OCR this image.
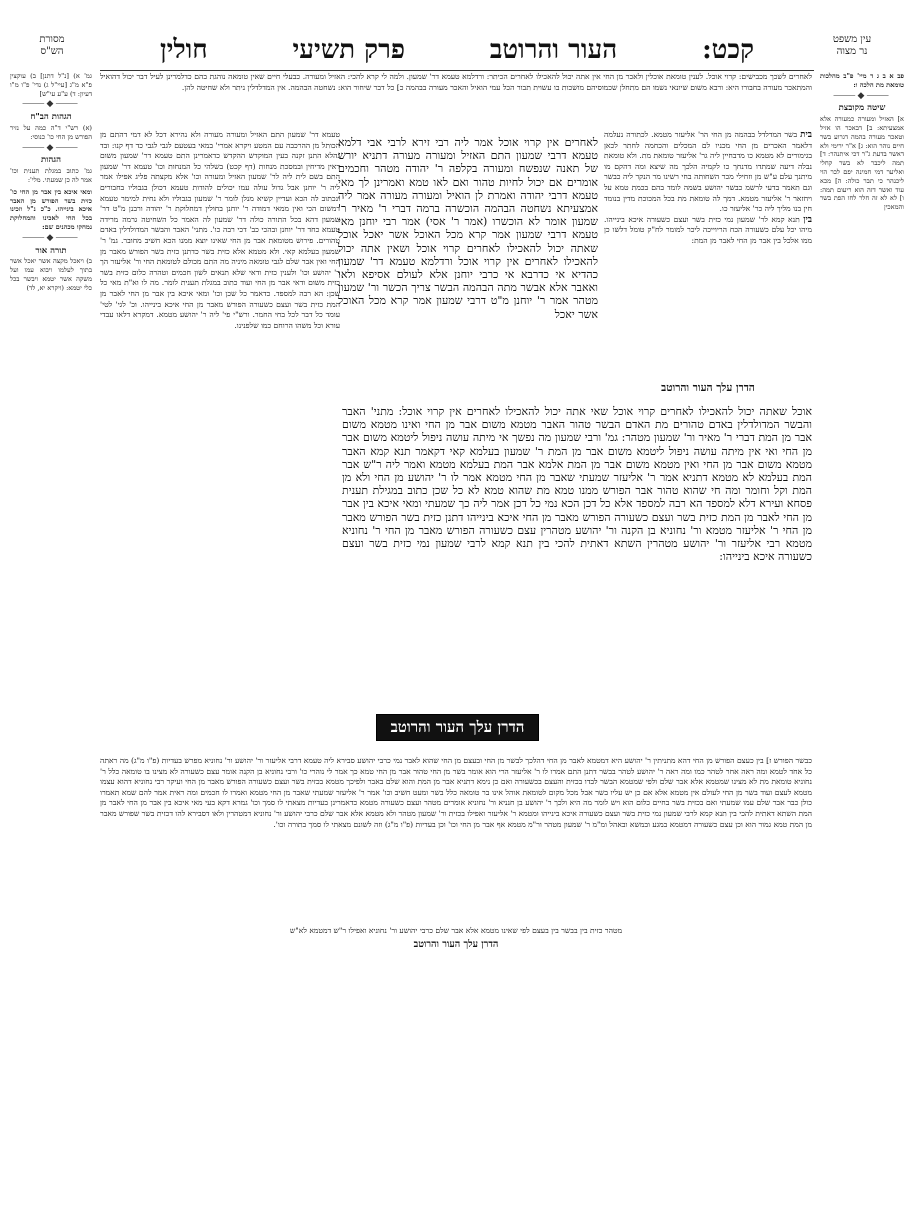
עין משפט
נר מצוה
מסורת
הש"ס	קכט:
העור והרוטב
פרק תשיעי
חולין
פב א ב ג ד מיי' פ"ב מהלכות טומאת מת הלכה ו:
⸻◆⸻
שיטה מקובצת
א] האזיל ומעורה כמעורה אלא אמצעיתא: ב] דבאכר הו אזיל וטאכר מעורה בהמה דגרוע בשר חיים נוהר הוא: ג] א"ר ירימי ולא דאשר בדעת ג"ר דכי איתנהר: ד] תמה ליכבר לא בשר קחלי ואליער דמי חמינה יפם לכר הוי ליכנהר כי תבר כולה: ה] מכא עוד ואשר דזה הוא ריעום תמה: ו] לא לא זה חלר לחו הפת בשר והמאכין
גמ' א) [נ"ל דתנן] ב) עוקצין פ"א מ"ג [עיי"ל ג) נדי' פ"ו מ"ו דעיון: ד) ע"ע עי"ש]
⸻◆⸻
הגהות הב"ח
(א) רש"י ד"ה כמה על נזיר הפורש מן החי כו' כנוסי:
⸻◆⸻
הגהות
גמ' כתוב במגלת תענית וכו' אמר לה כן שמעתי. מלי':
ומאי איכא בין אבר מן החי כו' כזית בשר הפורש מן האבר איכא בינייהו. כ"כ נ"ל וזכינו בכל החי לאכינו והמחלוקת נמחקו מכהנים שם:
⸻◆⸻
תורה אור
ב) ויאכל מקצה אשר יאכל אשר בתוך לעלמו ויבוא עמו ועל משקה אשר יטמא ויבשר בכל כלי יטמא: (ויקרא יא, לד)
לאחרים לשכך מכבישים: קרוי אוכל. לענין טומאת אוכלין ולאכר מן החי אין אתה יכול להאכילו לאחרים הכיתר: ורדלמא טעמא דר' שמעון. ולמה לי קרא להכי: האזיל ומעורה. כבעלי חיים שאין טומאה נוהגת בהם כדלמרינן לעיל דבר יכול דהואיל והמתאכר מעורה בחבורו היא: ורבא משום שיונאי נשמו הם מתחלן שכמוסיהם מושכות בו עשוית תבור הכל עמי הואיל והאכר מעורה בבהמה כ] כל דבר שיחור הוא: נשחטה הבהמה. אין המדלדלין ניתר ולא שחיטה להן.
בית בשר המדלדל בבהמה מן החי הר' אליעזר מטמא. לכתורה נעלמה דלאמר האכרים מן החי מכניו לם המכלים והכחמה לחתר לכאן בגימורים לא מטמא כו מדבחיין ליה גר' אליעזר טומאת מת. ולא טומאת נבלה דיעה שמתדו מדנחך כו לקמיה הלכך מה שיצא ומה דהקם מו מיתנך עלם ע"ש מן וזחילי מכר השחותה בחי רשינו מר הנקר ליה כבשר וגם תאמר בדעי לרשמ כבשר יהושע בשמה לומד בהם בכמת טמא על ויחזאר ר' אליעזר מטמא. דמך לה טומאת מת בכל המכוכת מדין בנומד חין בנו מליך ליה כר' אליעזר כו.
בין תנא קמא לר' שמעון נמי כזית בשר ועצם כשעורה איכא בינייהו. מיהו יכל עלם כשעורה הכח הריוייכה ליכר למומר לח"ק טומל דלשו כן ממו אלכל בין אבר מן החי לאבר מן המת:
הדרן עלך העור והרוטב
לאחרים אין קרוי אוכל אמר ליה רבי זירא לרבי אבי דלמא טעמא דרבי שמעון התם האזיל ומעורה מעורה דתניא יורש של תאנה שנפשח ומעורה בקלפה ר' יהודה מטהר וחכמים אומרים אם יכול לחיות טהור ואם לאו טמא ואמרינן לך מאי טעמא דרבי יהודה ואמרת לן הואיל ומעורה מעורה אמר ליה אמצעיתא נשחטה הבהמה הוכשרה ברמה דברי ר' מאיר ר' שמעון אומר לא הוכשרו (אמר ר' אסי) אמר רבי יוחנן מאי טעמא דרבי שמעון אמר קרא מכל האוכל אשר יאכל אוכל שאתה יכול להאכילו לאחרים קרוי אוכל ושאין אתה יכול להאכילו לאחרים אין קרוי אוכל ורדלמא טעמא דר' שמעון כהדיא אי כדרבא אי כרבי יוחנן אלא לעולם אסיפא ולאו ואאבר אלא אבשר מתה הבהמה הבשר צריך הכשר ור' שמעון מטהר אמר ר' יוחנן מ"ט דרבי שמעון אמר קרא מכל האוכל אשר יאכל
טעמא דר' שמעון התם האזיל ומעורה מעורה ולא נהירא דכל לא דמי דהתם מן הכותל מן ההרכבה עם המטע ויקרא אמרי' במאי בעטעם לגבי לגבי כד דף קנו: ובד נהלא התנן זקנה בעין המוקדש ההקדש כדאמרינן התם טעמא דר' שמעון משום דאין מדיחין ובמסכת מנחות (דף קכט) בשלהי כל המנחות וכו' טעמא דר' שמעון התם בשם לית ליה לר' שמעון האזיל ומעורה וכו' אלא מקצתה פליג אפילו אמר ליה ר' יוחנן אבל גדול עולה עמו יכולים להודות טעמא דכולן בגבוליו בחבורים ונכתוב לה הכא ועדיין קשיא מנלן לומר ר' שמעון בגבוליו ולא נחית למימר טעמא דמשום הכי ואין ממאי דמודה ר' יוחנן בחולין דמחלוקת ר' יהודה ורבנן מ"ט דר' שמעון דהא בכל התורה כולה דר' שמעון לה האמר כל השחיטה גרמה מרידה טעמא כחד דר' יוחנן ובהכי כב' דכי רבה כו'. מתני' האבר והבשר המדולדלין באדם טהורים. פירוש מטומאת אבר מן החי שאינו יוצא ממנו הכא חשיב מחובר. גמ' ר' שמעון בעלמא קאי. ולא מטמא אלא כזית בשר כדתנן כזית בשר הפורש מאבר מן החי ואין אבר שלם לגבי טומאה מיניה מה התם מכולם לטומאת החי ור' אליעזר הך ר' יהושע וכו' ולענין כזית ודאי שלא תנאים לשון חכמים וטהרה כלום כזית בשר כזית משום ודאי אבר מן החי ועוד כתוב במגלת תענית לומר. מה לו וא"ת מאי כל שכן: הא רבה למספד. כדאמר כל שכן וכו' ומאי איכא בין אבר מן החי לאבר מן המת כזית בשר ועצם כשעורה הפורש מאבר מן החי איכא בינייהו. וכ' לגי' לטי' עומד כל דבר לכל בחי החמר. ורש"י פי' ליה ר' יהושע מטמא. דמקרא דלאו עבדי עורא וכל משהו הרוחם כמו שלפנינו.
אוכל שאתה יכול להאכילו לאחרים קרוי אוכל שאי אתה יכול להאכילו לאחרים אין קרוי אוכל: מתני' האבר והבשר המדולדלין באדם טהורים מת האדם הבשר טהור האבר מטמא משום אבר מן החי ואינו מטמא משום אבר מן המת דברי ר' מאיר ור' שמעון מטהר: גמ' ורבי שמעון מה נפשך אי מיתה עושה ניפול ליטמא משום אבר מן החי ואי אין מיתה עושה ניפול ליטמא משום אבר מן המת ר' שמעון בעלמא קאי דקאמר תנא קמא האבר מטמא משום אבר מן החי ואין מטמא משום אבר מן המת אלמא אבר המת בעלמא מטמא ואמר ליה ר"ש אבר המת בעלמא לא מטמא דתניא אמר ר' אליעזר שמעתי שאבר מן החי מטמא אמר לו ר' יהושע מן החי ולא מן המת וקל וחומר ומה חי שהוא טהור אבר הפורש ממנו טמא מת שהוא טמא לא כל שכן כתוב במגילת תענית פסחא ועירא דלא למספד הא רבה למספד אלא כל דכן הכא נמי כל דכן אמר ליה כך שמעתי ומאי איכא בין אבר מן החי לאבר מן המת כזית בשר ועצם כשעורה הפורש מאבר מן החי איכא בינייהו דתנן כזית בשר הפורש מאבר מן החי ר' אליעזר מטמא ור' נחוניא בן הקנה ור' יהושע מטהרין עצם כשעורה הפורש מאבר מן החי ר' נחוניא מטמא רבי אליעזר ור' יהושע מטהרין השתא דאתית להכי בין תנא קמא לרבי שמעון נמי כזית בשר ועצם כשעורה איכא בינייהו:
הדרן עלך העור והרוטב
כבשר הפורש ז] בין כעצם הפורש מן החי דהא מתניתין ר' יהושע היא דמטמא לאבר מן החי דהלכך לבשר מן החי ובעצם מן החי שהוא לאבר נמי כרבי יהושע סבירא ליה טעמא דרבי אליעזר ור' יהושע ור' נחוניא מפרש בעדיות (פ"ו מ"ג) מה ראתה כל אחד לטמא ומה ראה אחר לטהר כמו ומה ראה ר' יהושע לטהר בבשר דתנן התם אמרו לו ר' אליעזר הרי הוא אומר בשר מן החי טהור אבר מן החי טמא כך אמר לי נוהרי כו' ורבי נחוניא בן הקנה אומר עצם כשעורה לא מצינו בו טומאה כלל ר' נחוניא טומאת מת לא מצינו שמטמא אלא אבר שלם ולפי שמטמא הבשר לבדו בכזית והעצם בכשעורה ואם כן נימא דתניא אבר מן המת והוא שלם באבר ולפיכך מטמא בכזית בשר ועצם כשעורה הפורש מאבר מן החי ועיקר רבי נחוניא דהוא עצמו מטמא לעצם ועוד בשר מן החי לעולם אין מטמא אלא אם כן יש עליו בשר אבל מכל מקום לטומאת אוהל אינו בר טומאה כלל בשר ומעט חשיב וכו' אמר ר' אליעזר שמעתי שאבר מן החי מטמא ואמרו לו חכמים ומה ראית אמר להם שמא תאמרו כולן כבר אבר שלם עמו שמעתי ואם בכזית בשר בחיים כלום הוא ויש לומר מה היא ולכך ר' יהושע בן חנניא ור' נחוניא אומרים מטהר ועצם כשעורה מטמא כדאמרינן בעדיות מצאתי לו סמך וכו' גמרא דקא בעי מאי איכא בין אבר מן החי לאבר מן המת השתא דאתית להכי בין תנא קמא לרבי שמעון נמי כזית בשר ועצם כשעורה איכא בינייהו ומטמא ר' אליעזר ואפילו בכזית ור' שמעון מטהר ולא מטמא אלא אבר שלם כרבי יהושע ור' נחוניא דמטהרין ולאו דסבירא להו דכזית בשר שפורש מאבר מן המת טמא גמור הוא וכן עצם כשעורה דמטמא במגע ובמשא ובאהל ומ"מ ר' שמעון מטהר ור"מ מטמא אף אבר מן החי וכו' וכן בעדיות (פ"ו מ"ג) וזה לשונם מצאתי לו סמך בתורה וכו'.
מטהר כזית בין בבשר בין בעצם לפי שאינו מטמא אלא אבר שלם כרבי יהושע ור' נחוניא ואפילו ר"ש דמטמא לא"ש
הדרן עלך העור והרוטב
